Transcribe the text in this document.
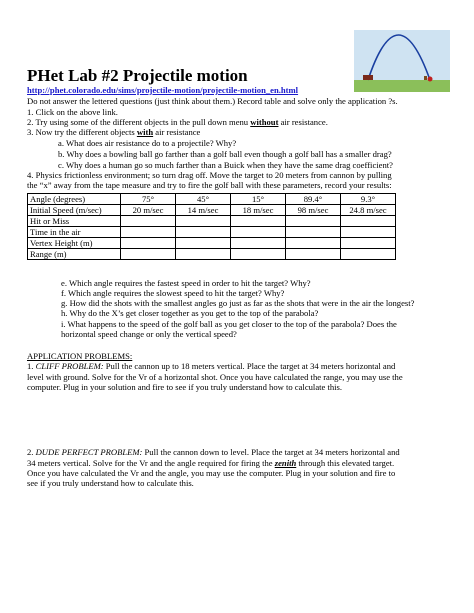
PHet Lab #2 Projectile motion
http://phet.colorado.edu/sims/projectile-motion/projectile-motion_en.html
Do not answer the lettered questions (just think about them.) Record table and solve only the application ?s.
1. Click on the above link.
2. Try using some of the different objects in the pull down menu without air resistance.
3. Now try the different objects with air resistance
a. What does air resistance do to a projectile? Why?
b. Why does a bowling ball go farther than a golf ball even though a golf ball has a smaller drag?
c. Why does a human go so much farther than a Buick when they have the same drag coefficient?
4. Physics frictionless environment; so turn drag off. Move the target to 20 meters from cannon by pulling
the “x” away from the tape measure and try to fire the golf ball with these parameters, record your results:
Angle (degrees)	75°	45°	15°	89.4°	9.3°
Initial Speed (m/sec)	20 m/sec	14 m/sec	18 m/sec	98 m/sec	24.8 m/sec
Hit or Miss					
Time in the air					
Vertex Height (m)					
Range (m)					
e. Which angle requires the fastest speed in order to hit the target? Why?
f. Which angle requires the slowest speed to hit the target? Why?
g. How did the shots with the smallest angles go just as far as the shots that were in the air the longest?
h. Why do the X’s get closer together as you get to the top of the parabola?
i. What happens to the speed of the golf ball as you get closer to the top of the parabola? Does the
horizontal speed change or only the vertical speed?
APPLICATION PROBLEMS:
1. CLIFF PROBLEM: Pull the cannon up to 18 meters vertical. Place the target at 34 meters horizontal and
level with ground. Solve for the Vr of a horizontal shot. Once you have calculated the range, you may use the
computer. Plug in your solution and fire to see if you truly understand how to calculate this.
2. DUDE PERFECT PROBLEM: Pull the cannon down to level. Place the target at 34 meters horizontal and
34 meters vertical. Solve for the Vr and the angle required for firing the zenith through this elevated target.
Once you have calculated the Vr and the angle, you may use the computer. Plug in your solution and fire to
see if you truly understand how to calculate this.
